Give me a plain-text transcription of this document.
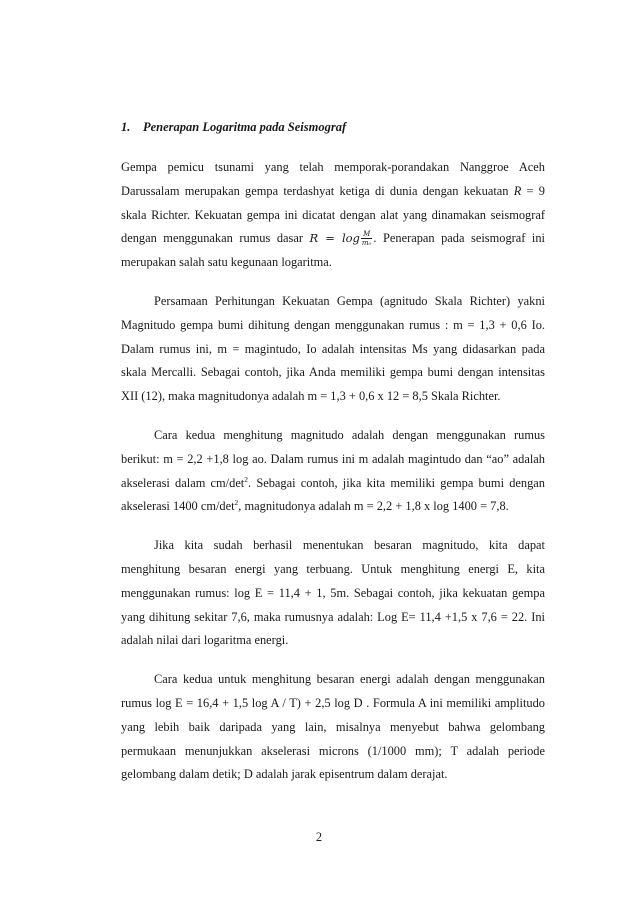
1. Penerapan Logaritma pada Seismograf

Gempa pemicu tsunami yang telah memporak-porandakan Nanggroe Aceh Darussalam merupakan gempa terdashyat ketiga di dunia dengan kekuatan R = 9 skala Richter. Kekuatan gempa ini dicatat dengan alat yang dinamakan seismograf dengan menggunakan rumus dasar $R = \log \frac{M}{\text{m₀}}$ . Penerapan pada seismograf ini merupakan salah satu kegunaan logaritma.

Persamaan Perhitungan Kekuatan Gempa (agnitudo Skala Richter) yakni Magnitudo gempa bumi dihitung dengan menggunakan rumus : m = 1,3 + 0,6 Io. Dalam rumus ini, m = magintudo, Io adalah intensitas Ms yang didasarkan pada skala Mercalli. Sebagai contoh, jika Anda memiliki gempa bumi dengan intensitas XII (12), maka magnitudonya adalah m = 1,3 + 0,6 x 12 = 8,5 Skala Richter.

Cara kedua menghitung magnitudo adalah dengan menggunakan rumus berikut: m = 2,2 +1,8 log ao. Dalam rumus ini m adalah magintudo dan “ao” adalah akselerasi dalam $cm/\det^2$. Sebagai contoh, jika kita memiliki gempa bumi dengan akselerasi 1400 $cm/\det^2$, magnitudonya adalah m = 2,2 + 1,8 x log 1400 = 7,8.

Jika kita sudah berhasil menentukan besaran magnitudo, kita dapat menghitung besaran energi yang terbuang. Untuk menghitung energi E, kita menggunakan rumus: log E = 11,4 + 1, 5m. Sebagai contoh, jika kekuatan gempa yang dihitung sekitar 7,6, maka rumusnya adalah: Log E= 11,4 +1,5 x 7,6 = 22. Ini adalah nilai dari logaritma energi.

Cara kedua untuk menghitung besaran energi adalah dengan menggunakan rumus log E = 16,4 + 1,5 log A / T) + 2,5 log D . Formula A ini memiliki amplitudo yang lebih baik daripada yang lain, misalnya menyebut bahwa gelombang permukaan menunjukkan akselerasi microns (1/1000 mm); T adalah periode gelombang dalam detik; D adalah jarak episentrum dalam derajat.

2
